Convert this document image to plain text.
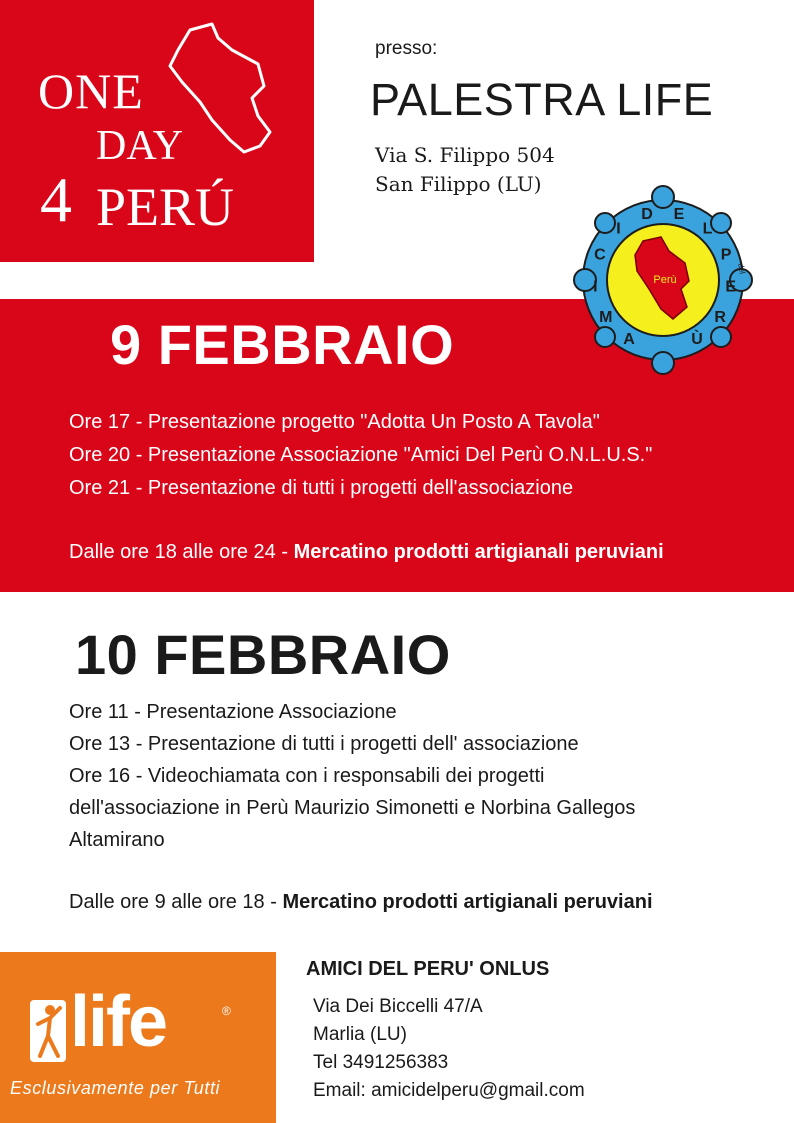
ONE
DAY
4 PERÚ
presso:
PALESTRA LIFE
Via S. Filippo 504
San Filippo (LU)
9 FEBBRAIO
Ore 17 - Presentazione progetto "Adotta Un Posto A Tavola"
Ore 20 - Presentazione Associazione "Amici Del Perù O.N.L.U.S."
Ore 21 - Presentazione di tutti i progetti dell'associazione
Dalle ore 18 alle ore 24 - Mercatino prodotti artigianali peruviani
A
M
I
C
I
D E
L
P
E
R
Ù
Perù
del
10 FEBBRAIO
Ore 11 - Presentazione Associazione
Ore 13 - Presentazione di tutti i progetti dell' associazione
Ore 16 - Videochiamata con i responsabili dei progetti
dell'associazione in Perù Maurizio Simonetti e Norbina Gallegos
Altamirano
Dalle ore 9 alle ore 18 - Mercatino prodotti artigianali peruviani
life	®
Esclusivamente per Tutti
AMICI DEL PERU' ONLUS
Via Dei Biccelli 47/A
Marlia (LU)
Tel 3491256383
Email: amicidelperu@gmail.com
